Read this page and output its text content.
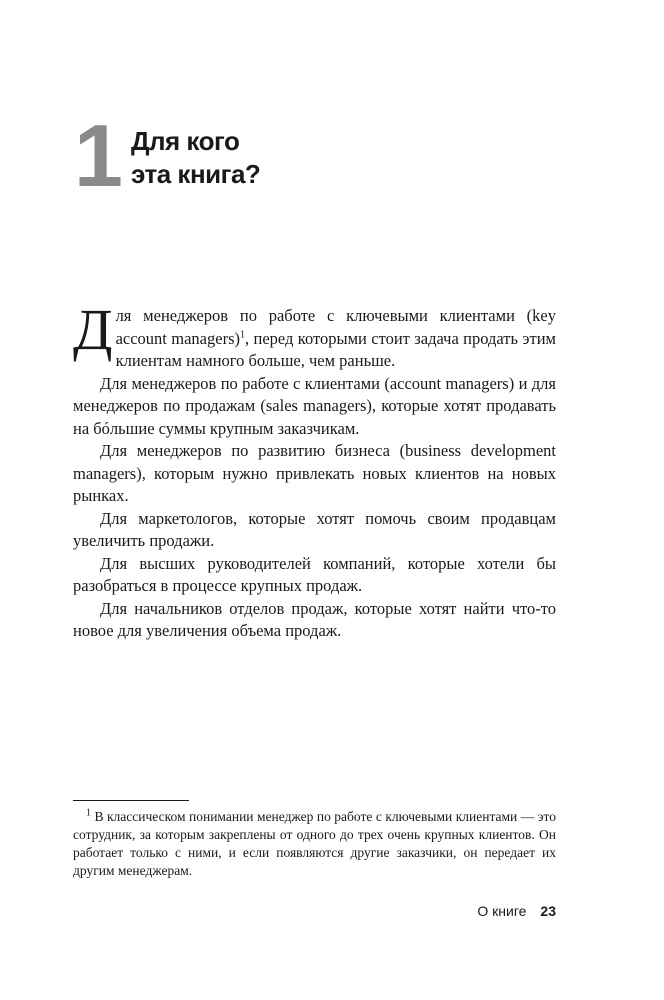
1 Для кого
эта книга?

Для менеджеров по работе с ключевыми клиентами (key account managers)$^1$, перед которыми стоит задача продать этим клиентам намного больше, чем раньше.

Для менеджеров по работе с клиентами (account managers) и для менеджеров по продажам (sales managers), которые хотят продавать на бóльшие суммы крупным заказчикам.

Для менеджеров по развитию бизнеса (business development managers), которым нужно привлекать новых клиентов на новых рынках.

Для маркетологов, которые хотят помочь своим продавцам увеличить продажи.

Для высших руководителей компаний, которые хотели бы разобраться в процессе крупных продаж.

Для начальников отделов продаж, которые хотят найти что-то новое для увеличения объема продаж.

$^1$ В классическом понимании менеджер по работе с ключевыми клиентами — это сотрудник, за которым закреплены от одного до трех очень крупных клиентов. Он работает только с ними, и если появляются другие заказчики, он передает их другим менеджерам.

О книге 23
